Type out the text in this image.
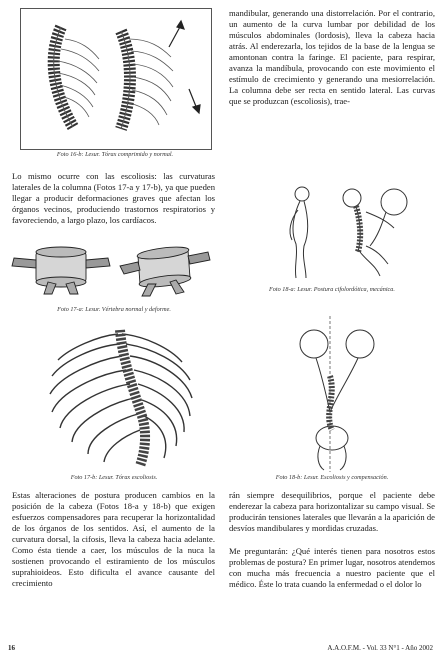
Foto 16-b: Lesur. Tórax comprimido y normal.

Lo mismo ocurre con las escoliosis: las curvaturas laterales de la columna (Fotos 17-a y 17-b), ya que pueden llegar a producir deformaciones graves que afectan los órganos vecinos, produciendo trastornos respiratorios y favoreciendo, a largo plazo, los cardíacos.

Foto 17-a: Lesur. Vértebra normal y deforme.
Foto 17-b: Lesur. Tórax escoliosis.

mandibular, generando una distorrelación. Por el contrario, un aumento de la curva lumbar por debilidad de los músculos abdominales (lordosis), lleva la cabeza hacia atrás. Al enderezarla, los tejidos de la base de la lengua se amontonan contra la faringe. El paciente, para respirar, avanza la mandíbula, provocando con este movimiento el estímulo de crecimiento y generando una mesiorrelación. La columna debe ser recta en sentido lateral. Las curvas que se produzcan (escoliosis), trae-

Foto 18-a: Lesur. Postura cifolordótica, mecánica.
Foto 18-b: Lesur. Escoliosis y compensación.

Estas alteraciones de postura producen cambios en la posición de la cabeza (Fotos 18-a y 18-b) que exigen esfuerzos compensadores para recuperar la horizontalidad de los órganos de los sentidos. Así, el aumento de la curvatura dorsal, la cifosis, lleva la cabeza hacia adelante. Como ésta tiende a caer, los músculos de la nuca la sostienen provocando el estiramiento de los músculos suprahioideos. Esto dificulta el avance causante del crecimiento

rán siempre desequilibrios, porque el paciente debe enderezar la cabeza para horizontalizar su campo visual. Se producirán tensiones laterales que llevarán a la aparición de desvíos mandibulares y mordidas cruzadas.

Me preguntarán: ¿Qué interés tienen para nosotros estos problemas de postura? En primer lugar, nosotros atendemos con mucha más frecuencia a nuestro paciente que el médico. Éste lo trata cuando la enfermedad o el dolor lo

16	A.A.O.F.M. - Vol. 33 N°1 - Año 2002
